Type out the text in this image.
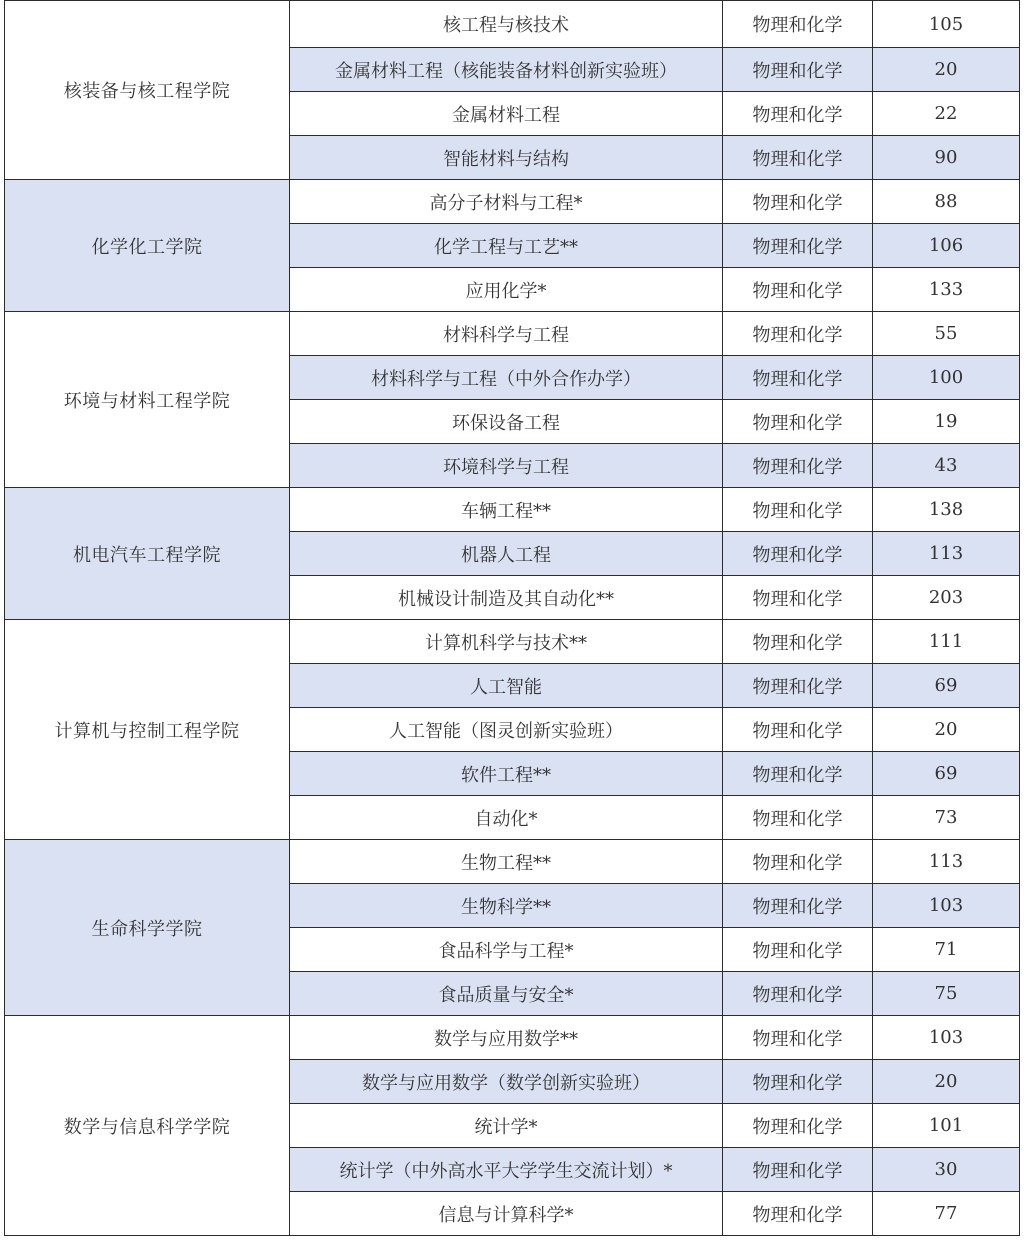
核装备与核工程学院	核工程与核技术	物理和化学	105
	金属材料工程（核能装备材料创新实验班）	物理和化学	20
	金属材料工程	物理和化学	22
	智能材料与结构	物理和化学	90
化学化工学院	高分子材料与工程*	物理和化学	88
	化学工程与工艺**	物理和化学	106
	应用化学*	物理和化学	133
环境与材料工程学院	材料科学与工程	物理和化学	55
	材料科学与工程（中外合作办学）	物理和化学	100
	环保设备工程	物理和化学	19
	环境科学与工程	物理和化学	43
机电汽车工程学院	车辆工程**	物理和化学	138
	机器人工程	物理和化学	113
	机械设计制造及其自动化**	物理和化学	203
计算机与控制工程学院	计算机科学与技术**	物理和化学	111
	人工智能	物理和化学	69
	人工智能（图灵创新实验班）	物理和化学	20
	软件工程**	物理和化学	69
	自动化*	物理和化学	73
生命科学学院	生物工程**	物理和化学	113
	生物科学**	物理和化学	103
	食品科学与工程*	物理和化学	71
	食品质量与安全*	物理和化学	75
数学与信息科学学院	数学与应用数学**	物理和化学	103
	数学与应用数学（数学创新实验班）	物理和化学	20
	统计学*	物理和化学	101
	统计学（中外高水平大学学生交流计划）*	物理和化学	30
	信息与计算科学*	物理和化学	77
